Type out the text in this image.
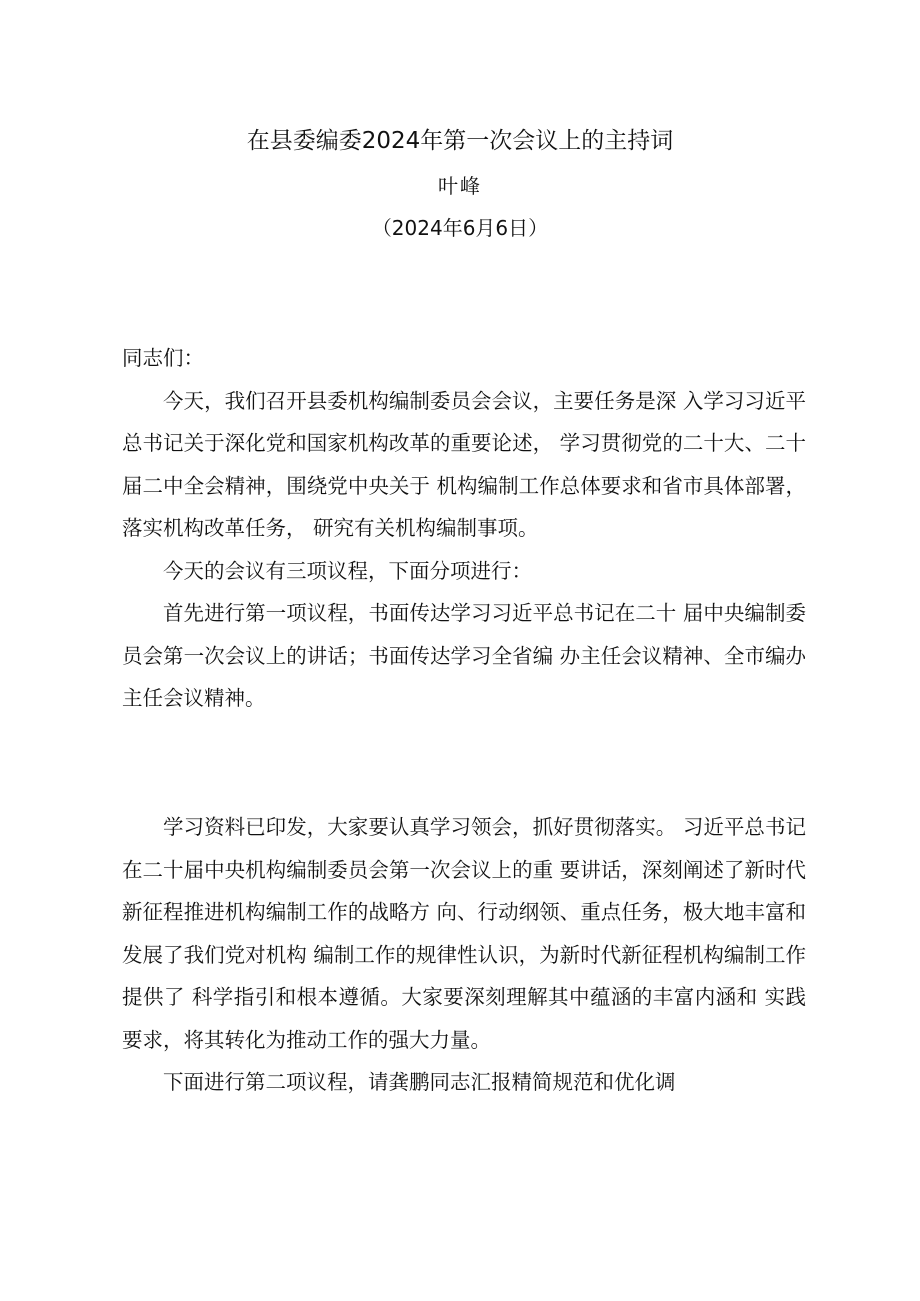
在县委编委2024年第一次会议上的主持词
叶峰
（2024年6月6日）

同志们：

今天，我们召开县委机构编制委员会会议，主要任务是深 入学习习近平总书记关于深化党和国家机构改革的重要论述， 学习贯彻党的二十大、二十届二中全会精神，围绕党中央关于 机构编制工作总体要求和省市具体部署，落实机构改革任务， 研究有关机构编制事项。

今天的会议有三项议程，下面分项进行：

首先进行第一项议程，书面传达学习习近平总书记在二十 届中央编制委员会第一次会议上的讲话；书面传达学习全省编 办主任会议精神、全市编办主任会议精神。

学习资料已印发，大家要认真学习领会，抓好贯彻落实。 习近平总书记在二十届中央机构编制委员会第一次会议上的重 要讲话，深刻阐述了新时代新征程推进机构编制工作的战略方 向、行动纲领、重点任务，极大地丰富和发展了我们党对机构 编制工作的规律性认识，为新时代新征程机构编制工作提供了 科学指引和根本遵循。大家要深刻理解其中蕴涵的丰富内涵和 实践要求，将其转化为推动工作的强大力量。

下面进行第二项议程，请龚鹏同志汇报精简规范和优化调
